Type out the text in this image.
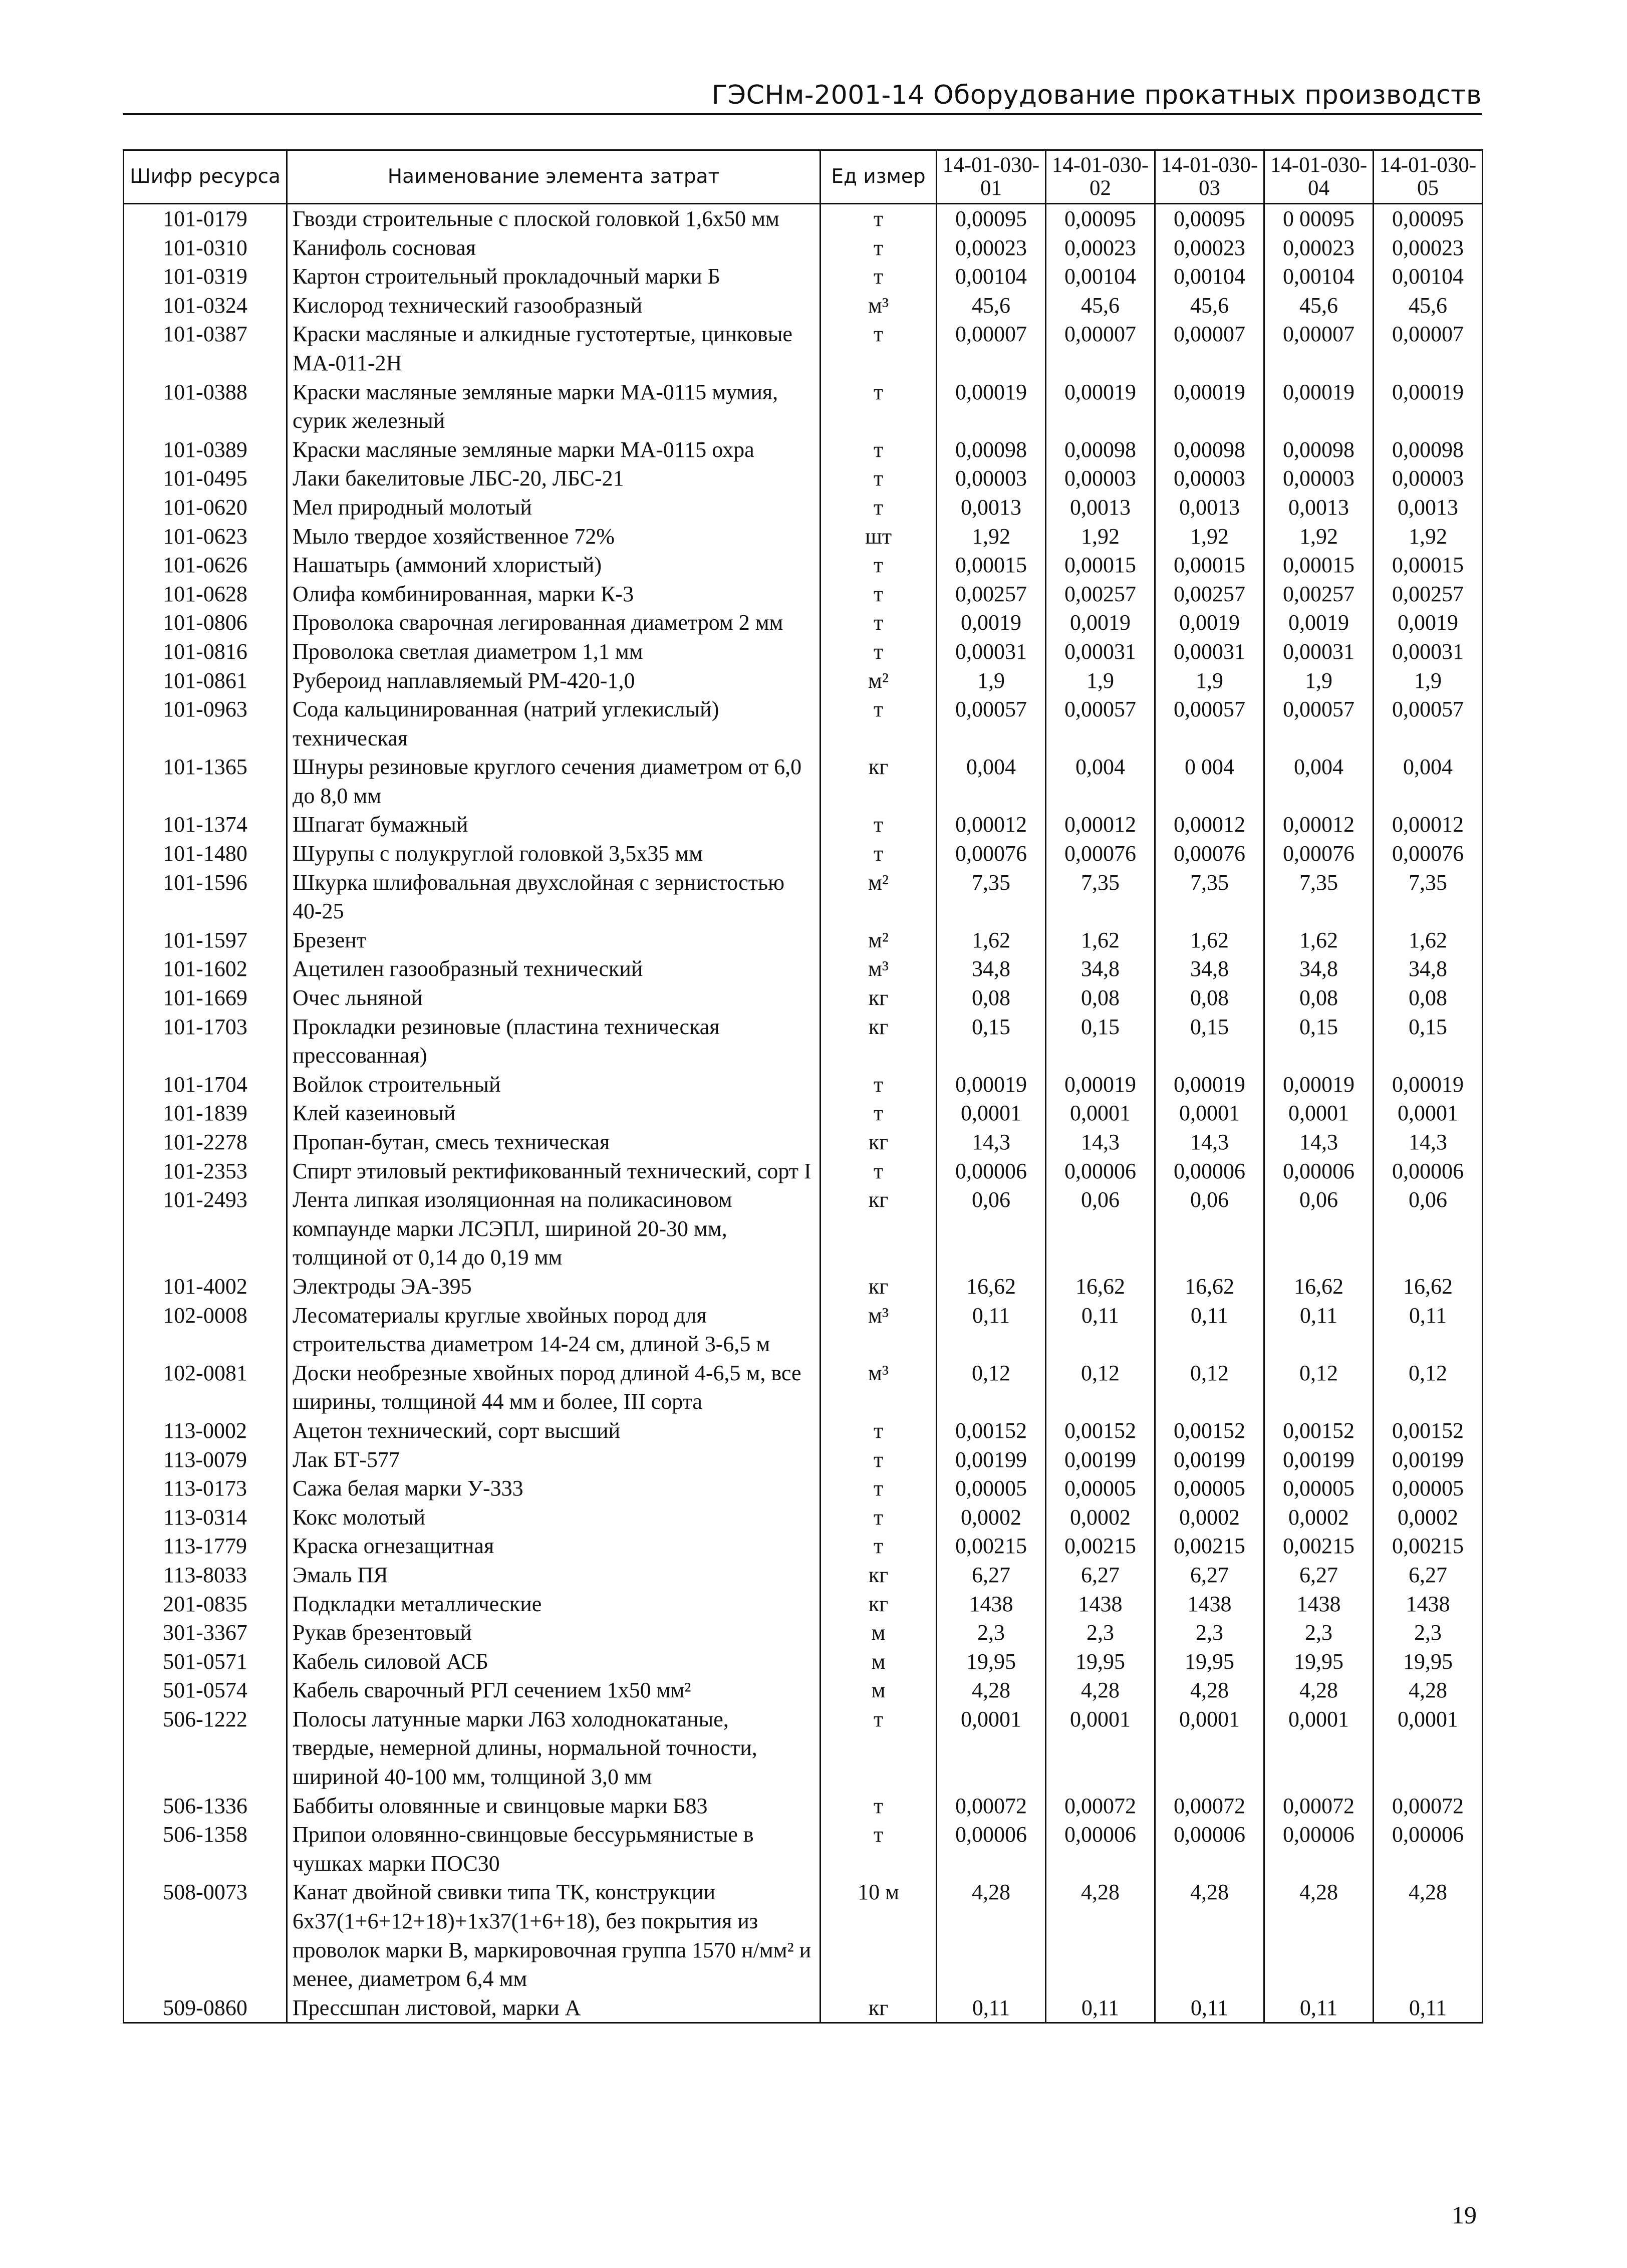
ГЭСНм-2001-14 Оборудование прокатных производств
Шифр ресурса	Наименование элемента затрат	Ед измер	14-01-030-01	14-01-030-02	14-01-030-03	14-01-030-04	14-01-030-05
101-0179	Гвозди строительные с плоской головкой 1,6х50 мм	т	0,00095	0,00095	0,00095	0 00095	0,00095
101-0310	Канифоль сосновая	т	0,00023	0,00023	0,00023	0,00023	0,00023
101-0319	Картон строительный прокладочный марки Б	т	0,00104	0,00104	0,00104	0,00104	0,00104
101-0324	Кислород технический газообразный	м³	45,6	45,6	45,6	45,6	45,6
101-0387	Краски масляные и алкидные густотертые, цинковые МА-011-2Н	т	0,00007	0,00007	0,00007	0,00007	0,00007
101-0388	Краски масляные земляные марки МА-0115 мумия, сурик железный	т	0,00019	0,00019	0,00019	0,00019	0,00019
101-0389	Краски масляные земляные марки МА-0115 охра	т	0,00098	0,00098	0,00098	0,00098	0,00098
101-0495	Лаки бакелитовые ЛБС-20, ЛБС-21	т	0,00003	0,00003	0,00003	0,00003	0,00003
101-0620	Мел природный молотый	т	0,0013	0,0013	0,0013	0,0013	0,0013
101-0623	Мыло твердое хозяйственное 72%	шт	1,92	1,92	1,92	1,92	1,92
101-0626	Нашатырь (аммоний хлористый)	т	0,00015	0,00015	0,00015	0,00015	0,00015
101-0628	Олифа комбинированная, марки К-3	т	0,00257	0,00257	0,00257	0,00257	0,00257
101-0806	Проволока сварочная легированная диаметром 2 мм	т	0,0019	0,0019	0,0019	0,0019	0,0019
101-0816	Проволока светлая диаметром 1,1 мм	т	0,00031	0,00031	0,00031	0,00031	0,00031
101-0861	Рубероид наплавляемый РМ-420-1,0	м²	1,9	1,9	1,9	1,9	1,9
101-0963	Сода кальцинированная (натрий углекислый) техническая	т	0,00057	0,00057	0,00057	0,00057	0,00057
101-1365	Шнуры резиновые круглого сечения диаметром от 6,0 до 8,0 мм	кг	0,004	0,004	0 004	0,004	0,004
101-1374	Шпагат бумажный	т	0,00012	0,00012	0,00012	0,00012	0,00012
101-1480	Шурупы с полукруглой головкой 3,5х35 мм	т	0,00076	0,00076	0,00076	0,00076	0,00076
101-1596	Шкурка шлифовальная двухслойная с зернистостью 40-25	м²	7,35	7,35	7,35	7,35	7,35
101-1597	Брезент	м²	1,62	1,62	1,62	1,62	1,62
101-1602	Ацетилен газообразный технический	м³	34,8	34,8	34,8	34,8	34,8
101-1669	Очес льняной	кг	0,08	0,08	0,08	0,08	0,08
101-1703	Прокладки резиновые (пластина техническая прессованная)	кг	0,15	0,15	0,15	0,15	0,15
101-1704	Войлок строительный	т	0,00019	0,00019	0,00019	0,00019	0,00019
101-1839	Клей казеиновый	т	0,0001	0,0001	0,0001	0,0001	0,0001
101-2278	Пропан-бутан, смесь техническая	кг	14,3	14,3	14,3	14,3	14,3
101-2353	Спирт этиловый ректификованный технический, сорт I	т	0,00006	0,00006	0,00006	0,00006	0,00006
101-2493	Лента липкая изоляционная на поликасиновом компаунде марки ЛСЭПЛ, шириной 20-30 мм, толщиной от 0,14 до 0,19 мм	кг	0,06	0,06	0,06	0,06	0,06
101-4002	Электроды ЭА-395	кг	16,62	16,62	16,62	16,62	16,62
102-0008	Лесоматериалы круглые хвойных пород для строительства диаметром 14-24 см, длиной 3-6,5 м	м³	0,11	0,11	0,11	0,11	0,11
102-0081	Доски необрезные хвойных пород длиной 4-6,5 м, все ширины, толщиной 44 мм и более, III сорта	м³	0,12	0,12	0,12	0,12	0,12
113-0002	Ацетон технический, сорт высший	т	0,00152	0,00152	0,00152	0,00152	0,00152
113-0079	Лак БТ-577	т	0,00199	0,00199	0,00199	0,00199	0,00199
113-0173	Сажа белая марки У-333	т	0,00005	0,00005	0,00005	0,00005	0,00005
113-0314	Кокс молотый	т	0,0002	0,0002	0,0002	0,0002	0,0002
113-1779	Краска огнезащитная	т	0,00215	0,00215	0,00215	0,00215	0,00215
113-8033	Эмаль ПЯ	кг	6,27	6,27	6,27	6,27	6,27
201-0835	Подкладки металлические	кг	1438	1438	1438	1438	1438
301-3367	Рукав брезентовый	м	2,3	2,3	2,3	2,3	2,3
501-0571	Кабель силовой АСБ	м	19,95	19,95	19,95	19,95	19,95
501-0574	Кабель сварочный РГЛ сечением 1х50 мм²	м	4,28	4,28	4,28	4,28	4,28
506-1222	Полосы латунные марки Л63 холоднокатаные, твердые, немерной длины, нормальной точности, шириной 40-100 мм, толщиной 3,0 мм	т	0,0001	0,0001	0,0001	0,0001	0,0001
506-1336	Баббиты оловянные и свинцовые марки Б83	т	0,00072	0,00072	0,00072	0,00072	0,00072
506-1358	Припои оловянно-свинцовые бессурьмянистые в чушках марки ПОС30	т	0,00006	0,00006	0,00006	0,00006	0,00006
508-0073	Канат двойной свивки типа ТК, конструкции 6х37(1+6+12+18)+1х37(1+6+18), без покрытия из проволок марки В, маркировочная группа 1570 н/мм² и менее, диаметром 6,4 мм	10 м	4,28	4,28	4,28	4,28	4,28
509-0860	Прессшпан листовой, марки А	кг	0,11	0,11	0,11	0,11	0,11
19
